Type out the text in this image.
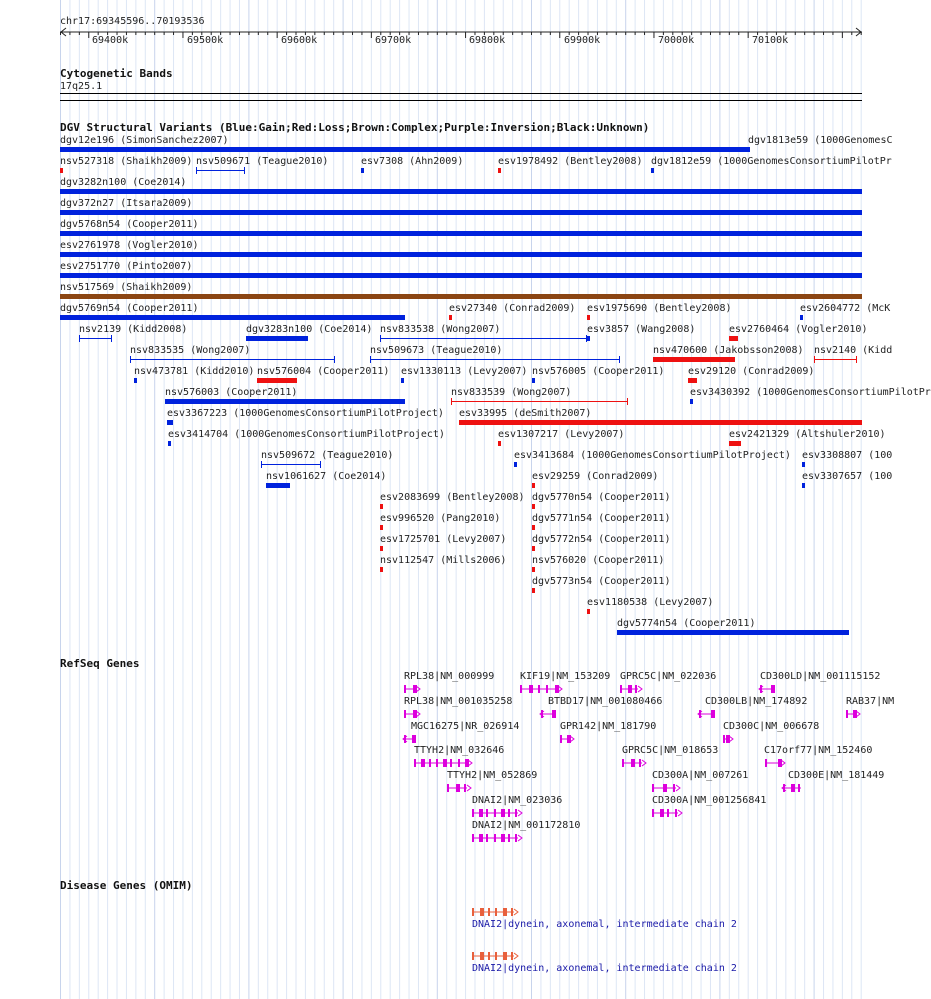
chr17:69345596..70193536
69400k	69500k	69600k	69700k	69800k	69900k	70000k	70100k
Cytogenetic Bands
17q25.1
DGV Structural Variants (Blue:Gain;Red:Loss;Brown:Complex;Purple:Inversion;Black:Unknown)
dgv12e196 (SimonSanchez2007)	dgv1813e59 (1000GenomesC
nsv527318 (Shaikh2009) nsv509671 (Teague2010)	esv7308 (Ahn2009)	esv1978492 (Bentley2008) dgv1812e59 (1000GenomesConsortiumPilotPr
dgv3282n100 (Coe2014)
dgv372n27 (Itsara2009)
dgv5768n54 (Cooper2011)
esv2761978 (Vogler2010)
esv2751770 (Pinto2007)
nsv517569 (Shaikh2009)
dgv5769n54 (Cooper2011)	esv27340 (Conrad2009) esv1975690 (Bentley2008)	esv2604772 (McK
nsv2139 (Kidd2008)	dgv3283n100 (Coe2014) nsv833538 (Wong2007)	esv3857 (Wang2008)	esv2760464 (Vogler2010)
nsv833535 (Wong2007)	nsv509673 (Teague2010)	nsv470600 (Jakobsson2008) nsv2140 (Kidd
nsv473781 (Kidd2010) nsv576004 (Cooper2011) esv1330113 (Levy2007) nsv576005 (Cooper2011) esv29120 (Conrad2009)
nsv576003 (Cooper2011)	nsv833539 (Wong2007)	esv3430392 (1000GenomesConsortiumPilotPr
esv3367223 (1000GenomesConsortiumPilotProject) esv33995 (deSmith2007)
esv3414704 (1000GenomesConsortiumPilotProject)	esv1307217 (Levy2007)	esv2421329 (Altshuler2010)
nsv509672 (Teague2010)	esv3413684 (1000GenomesConsortiumPilotProject) esv3308807 (100
nsv1061627 (Coe2014)	esv29259 (Conrad2009)	esv3307657 (100
esv2083699 (Bentley2008) dgv5770n54 (Cooper2011)
esv996520 (Pang2010)	dgv5771n54 (Cooper2011)
esv1725701 (Levy2007)	dgv5772n54 (Cooper2011)
nsv112547 (Mills2006)	nsv576020 (Cooper2011)
dgv5773n54 (Cooper2011)
esv1180538 (Levy2007)
dgv5774n54 (Cooper2011)
RPL38|NM_000999	KIF19|NM_153209 GPRC5C|NM_022036	CD300LD|NM_001115152
RPL38|NM_001035258	BTBD17|NM_001080466	CD300LB|NM_174892	RAB37|NM
MGC16275|NR_026914	GPR142|NM_181790	CD300C|NM_006678
TTYH2|NM_032646	GPRC5C|NM_018653	C17orf77|NM_152460
TTYH2|NM_052869	CD300A|NM_007261	CD300E|NM_181449
DNAI2|NM_023036	CD300A|NM_001256841
DNAI2|NM_001172810
DNAI2|dynein, axonemal, intermediate chain 2
DNAI2|dynein, axonemal, intermediate chain 2
RefSeq Genes
Disease Genes (OMIM)
